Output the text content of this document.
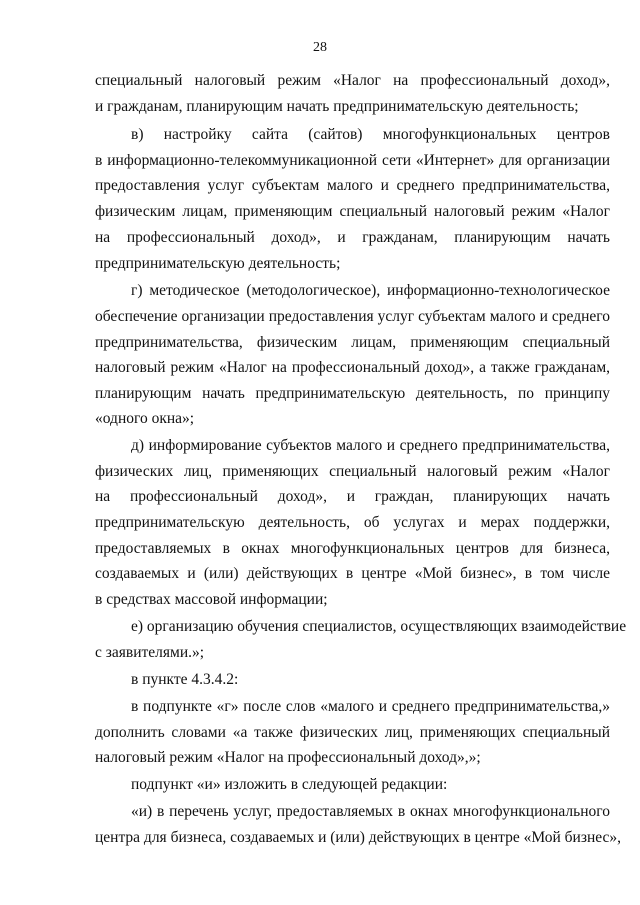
28
специальный налоговый режим «Налог на профессиональный доход»,
и гражданам, планирующим начать предпринимательскую деятельность;
в) настройку сайта (сайтов) многофункциональных центров
в информационно-телекоммуникационной сети «Интернет» для организации
предоставления услуг субъектам малого и среднего предпринимательства,
физическим лицам, применяющим специальный налоговый режим «Налог
на профессиональный доход», и гражданам, планирующим начать
предпринимательскую деятельность;
г) методическое (методологическое), информационно-технологическое
обеспечение организации предоставления услуг субъектам малого и среднего
предпринимательства, физическим лицам, применяющим специальный
налоговый режим «Налог на профессиональный доход», а также гражданам,
планирующим начать предпринимательскую деятельность, по принципу
«одного окна»;
д) информирование субъектов малого и среднего предпринимательства,
физических лиц, применяющих специальный налоговый режим «Налог
на профессиональный доход», и граждан, планирующих начать
предпринимательскую деятельность, об услугах и мерах поддержки,
предоставляемых в окнах многофункциональных центров для бизнеса,
создаваемых и (или) действующих в центре «Мой бизнес», в том числе
в средствах массовой информации;
е) организацию обучения специалистов, осуществляющих взаимодействие
с заявителями.»;
в пункте 4.3.4.2:
в подпункте «г» после слов «малого и среднего предпринимательства,»
дополнить словами «а также физических лиц, применяющих специальный
налоговый режим «Налог на профессиональный доход»,»;
подпункт «и» изложить в следующей редакции:
«и) в перечень услуг, предоставляемых в окнах многофункционального
центра для бизнеса, создаваемых и (или) действующих в центре «Мой бизнес»,
